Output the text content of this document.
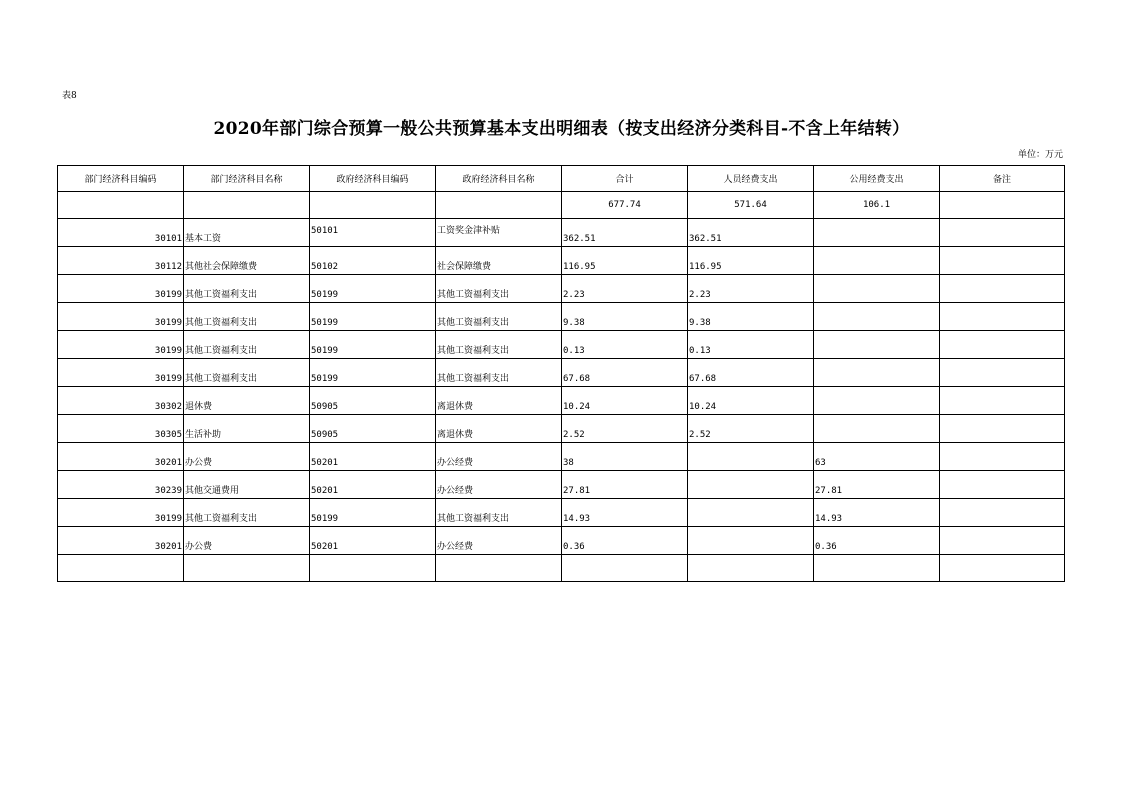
表8
2020年部门综合预算一般公共预算基本支出明细表（按支出经济分类科目-不含上年结转）
单位：万元
部门经济科目编码	部门经济科目名称	政府经济科目编码	政府经济科目名称	合计	人员经费支出	公用经费支出	备注
				677.74	571.64	106.1	

30101	基本工资	50101	工资奖金津补贴	362.51	362.51		

30112	其他社会保障缴费	50102	社会保障缴费	116.95	116.95		

30199	其他工资福利支出	50199	其他工资福利支出	2.23	2.23		

30199	其他工资福利支出	50199	其他工资福利支出	9.38	9.38		

30199	其他工资福利支出	50199	其他工资福利支出	0.13	0.13		

30199	其他工资福利支出	50199	其他工资福利支出	67.68	67.68		

30302	退休费	50905	离退休费	10.24	10.24		

30305	生活补助	50905	离退休费	2.52	2.52		

30201	办公费	50201	办公经费	38		63	

30239	其他交通费用	50201	办公经费	27.81		27.81	

30199	其他工资福利支出	50199	其他工资福利支出	14.93		14.93	

30201	办公费	50201	办公经费	0.36		0.36	
